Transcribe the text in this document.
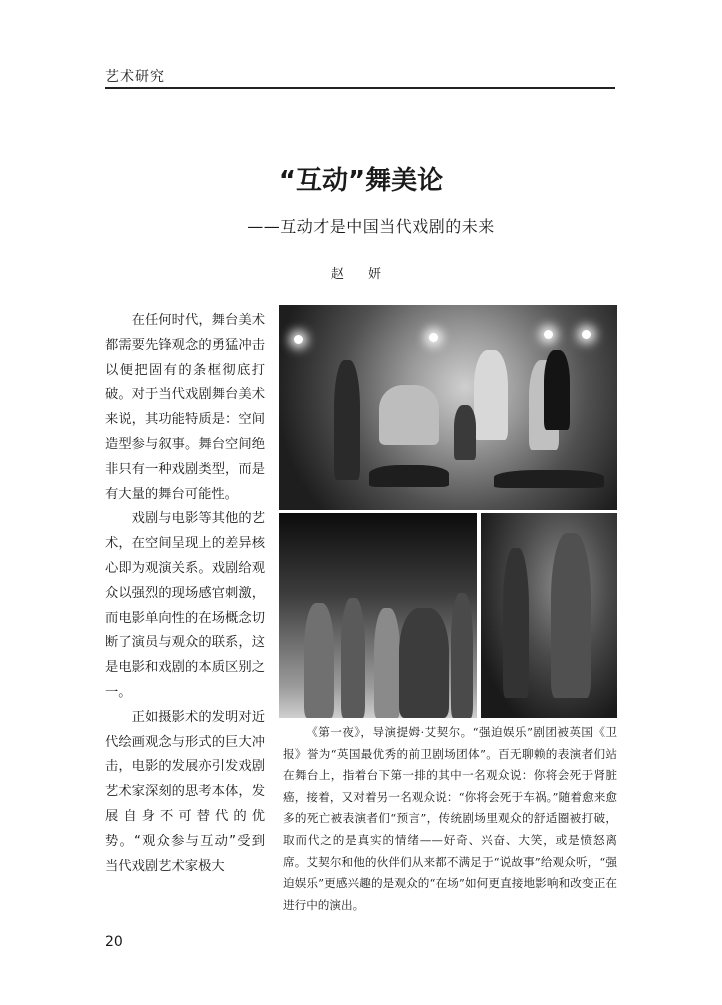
艺术研究
“互动”舞美论
——互动才是中国当代戏剧的未来
赵 妍

在任何时代，舞台美术都需要先锋观念的勇猛冲击以便把固有的条框彻底打破。对于当代戏剧舞台美术来说，其功能特质是：空间造型参与叙事。舞台空间绝非只有一种戏剧类型，而是有大量的舞台可能性。

戏剧与电影等其他的艺术，在空间呈现上的差异核心即为观演关系。戏剧给观众以强烈的现场感官刺激，而电影单向性的在场概念切断了演员与观众的联系，这是电影和戏剧的本质区别之一。

正如摄影术的发明对近代绘画观念与形式的巨大冲击，电影的发展亦引发戏剧艺术家深刻的思考本体，发展自身不可替代的优势。“观众参与互动”受到当代戏剧艺术家极大

《第一夜》，导演提姆·艾契尔。“强迫娱乐”剧团被英国《卫报》誉为“英国最优秀的前卫剧场团体”。百无聊赖的表演者们站在舞台上，指着台下第一排的其中一名观众说：你将会死于肾脏癌，接着，又对着另一名观众说：“你将会死于车祸。”随着愈来愈多的死亡被表演者们“预言”，传统剧场里观众的舒适圈被打破，取而代之的是真实的情绪——好奇、兴奋、大笑，或是愤怒离席。艾契尔和他的伙伴们从来都不满足于“说故事”给观众听，“强迫娱乐”更感兴趣的是观众的“在场”如何更直接地影响和改变正在进行中的演出。
20
